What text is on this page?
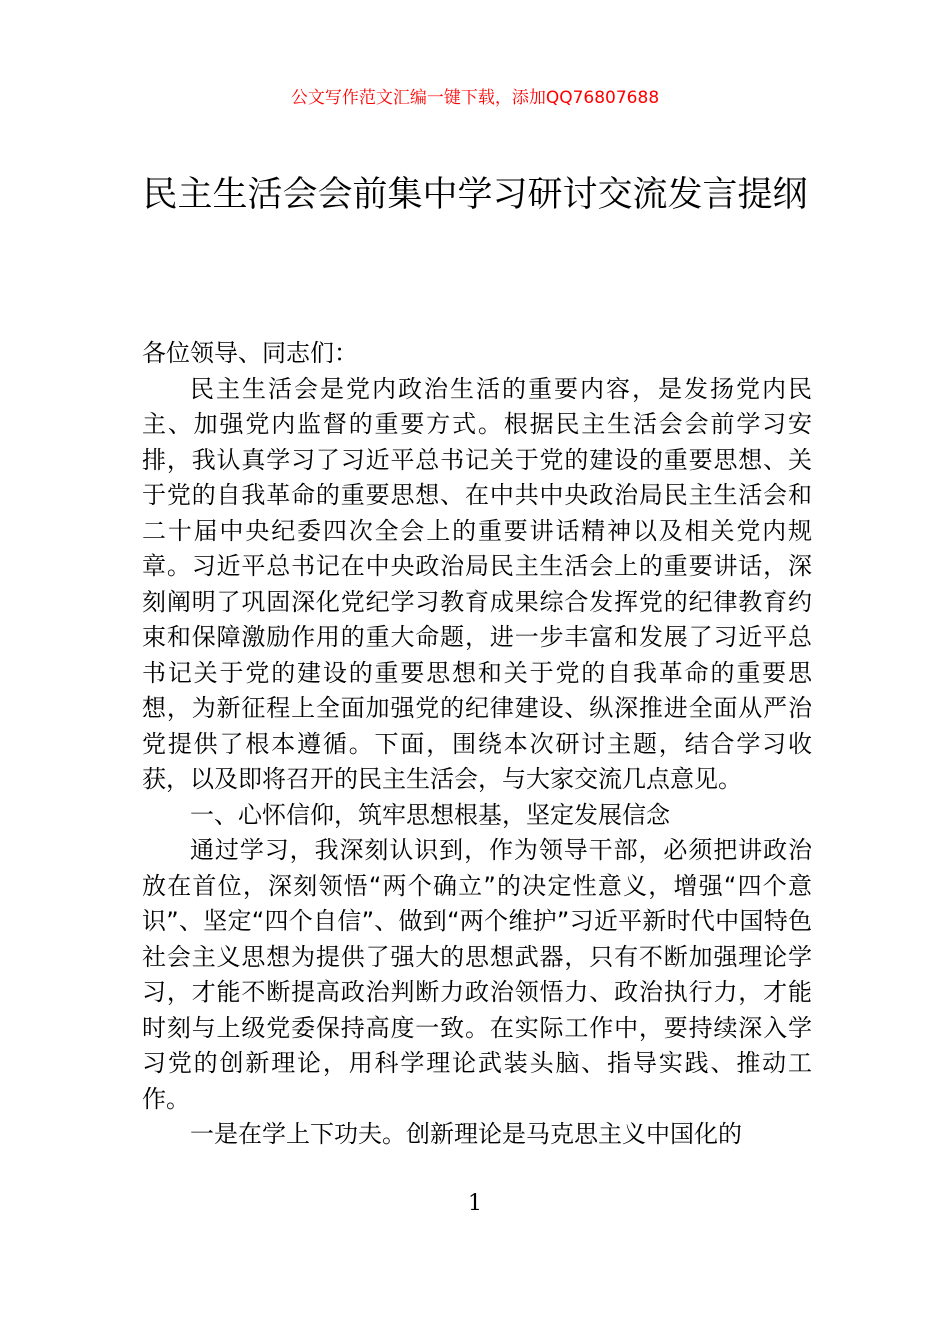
公文写作范文汇编一键下载，添加QQ76807688
民主生活会会前集中学习研讨交流发言提纲

各位领导、同志们：

民主生活会是党内政治生活的重要内容，是发扬党内民主、加强党内监督的重要方式。根据民主生活会会前学习安排，我认真学习了习近平总书记关于党的建设的重要思想、关于党的自我革命的重要思想、在中共中央政治局民主生活会和二十届中央纪委四次全会上的重要讲话精神以及相关党内规章。习近平总书记在中央政治局民主生活会上的重要讲话，深刻阐明了巩固深化党纪学习教育成果综合发挥党的纪律教育约束和保障激励作用的重大命题，进一步丰富和发展了习近平总书记关于党的建设的重要思想和关于党的自我革命的重要思想，为新征程上全面加强党的纪律建设、纵深推进全面从严治党提供了根本遵循。下面，围绕本次研讨主题，结合学习收获，以及即将召开的民主生活会，与大家交流几点意见。

一、心怀信仰，筑牢思想根基，坚定发展信念

通过学习，我深刻认识到，作为领导干部，必须把讲政治放在首位，深刻领悟“两个确立”的决定性意义，增强“四个意识”、坚定“四个自信”、做到“两个维护”习近平新时代中国特色社会主义思想为提供了强大的思想武器，只有不断加强理论学习，才能不断提高政治判断力政治领悟力、政治执行力，才能时刻与上级党委保持高度一致。在实际工作中，要持续深入学习党的创新理论，用科学理论武装头脑、指导实践、推动工作。

一是在学上下功夫。创新理论是马克思主义中国化的

1
